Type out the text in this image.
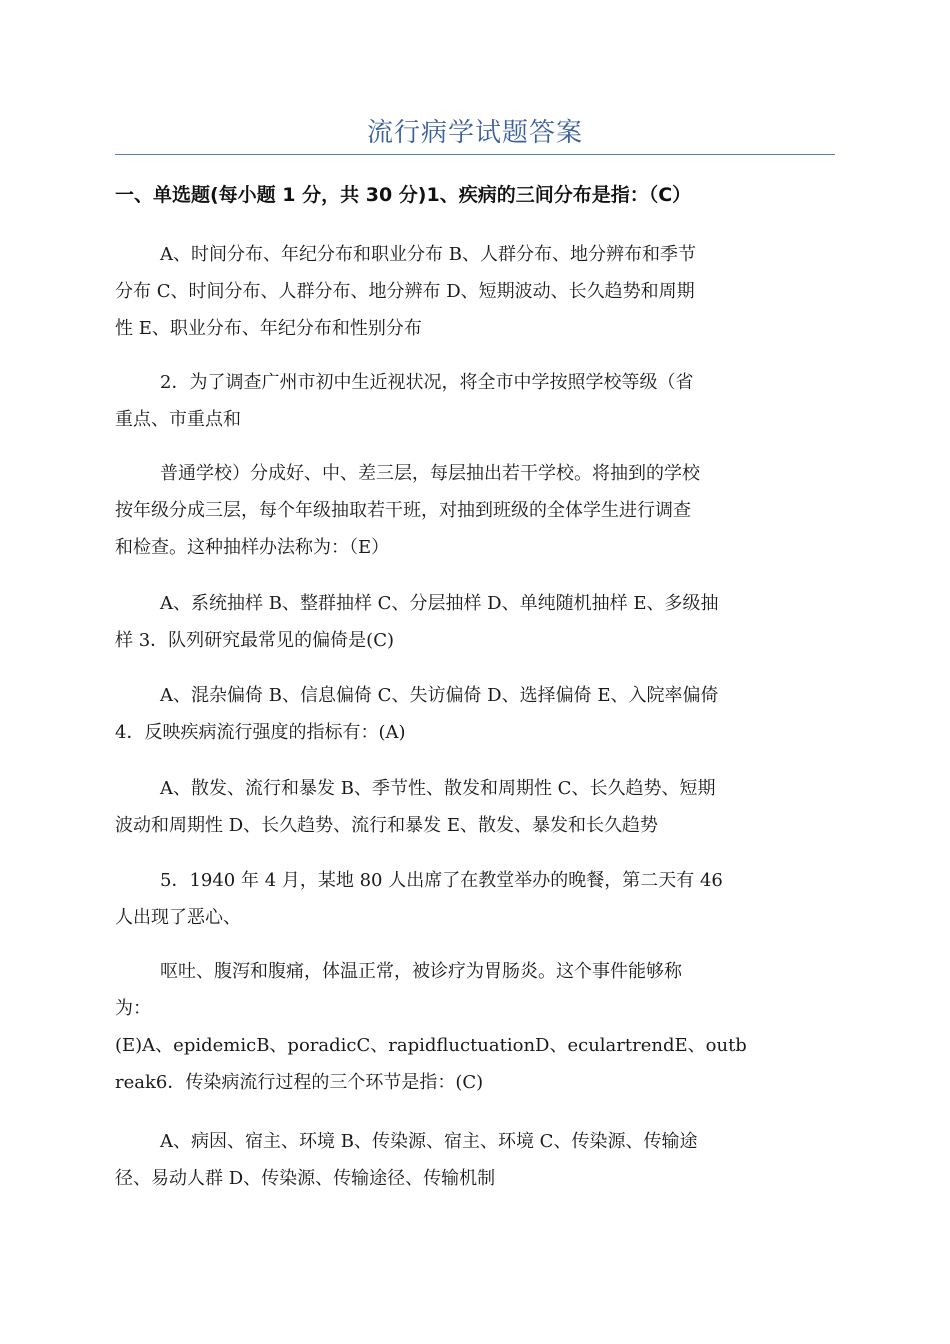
流行病学试题答案
一、单选题(每小题 1 分，共 30 分)1、疾病的三间分布是指：（C）
A、时间分布、年纪分布和职业分布 B、人群分布、地分辨布和季节
分布 C、时间分布、人群分布、地分辨布 D、短期波动、长久趋势和周期
性 E、职业分布、年纪分布和性别分布
2．为了调查广州市初中生近视状况，将全市中学按照学校等级（省
重点、市重点和
普通学校）分成好、中、差三层，每层抽出若干学校。将抽到的学校
按年级分成三层，每个年级抽取若干班，对抽到班级的全体学生进行调查
和检查。这种抽样办法称为：（E）
A、系统抽样 B、整群抽样 C、分层抽样 D、单纯随机抽样 E、多级抽
样 3．队列研究最常见的偏倚是(C)
A、混杂偏倚 B、信息偏倚 C、失访偏倚 D、选择偏倚 E、入院率偏倚
4．反映疾病流行强度的指标有：(A)
A、散发、流行和暴发 B、季节性、散发和周期性 C、长久趋势、短期
波动和周期性 D、长久趋势、流行和暴发 E、散发、暴发和长久趋势
5．1940 年 4 月，某地 80 人出席了在教堂举办的晚餐，第二天有 46
人出现了恶心、
呕吐、腹泻和腹痛，体温正常，被诊疗为胃肠炎。这个事件能够称
为：
(E)A、epidemicB、poradicC、rapidfluctuationD、eculartrendE、outb
reak6．传染病流行过程的三个环节是指：(C)
A、病因、宿主、环境 B、传染源、宿主、环境 C、传染源、传输途
径、易动人群 D、传染源、传输途径、传输机制
